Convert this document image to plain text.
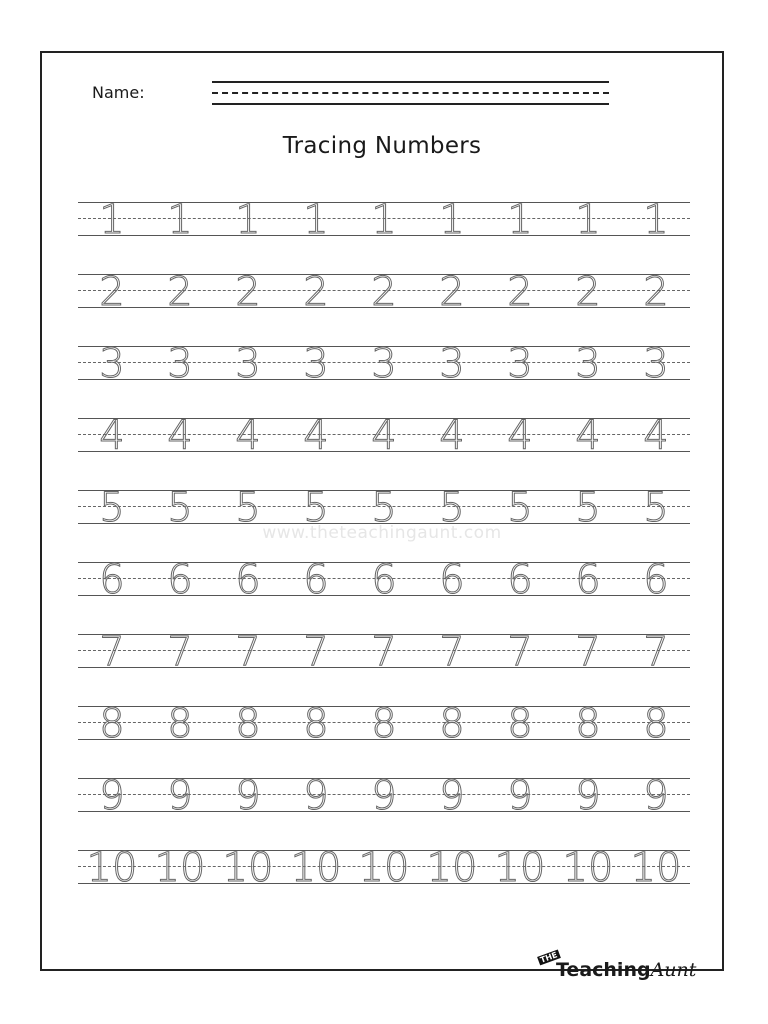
Name:
Tracing Numbers
www.theteachingaunt.com
1 1 1 1 1 1 1 1 1
2 2 2 2 2 2 2 2 2
3 3 3 3 3 3 3 3 3
4 4 4 4 4 4 4 4 4
5 5 5 5 5 5 5 5 5
6 6 6 6 6 6 6 6 6
7 7 7 7 7 7 7 7 7
8 8 8 8 8 8 8 8 8
9 9 9 9 9 9 9 9 9
10 10 10 10 10 10 10 10 10
THE
TeachingAunt
